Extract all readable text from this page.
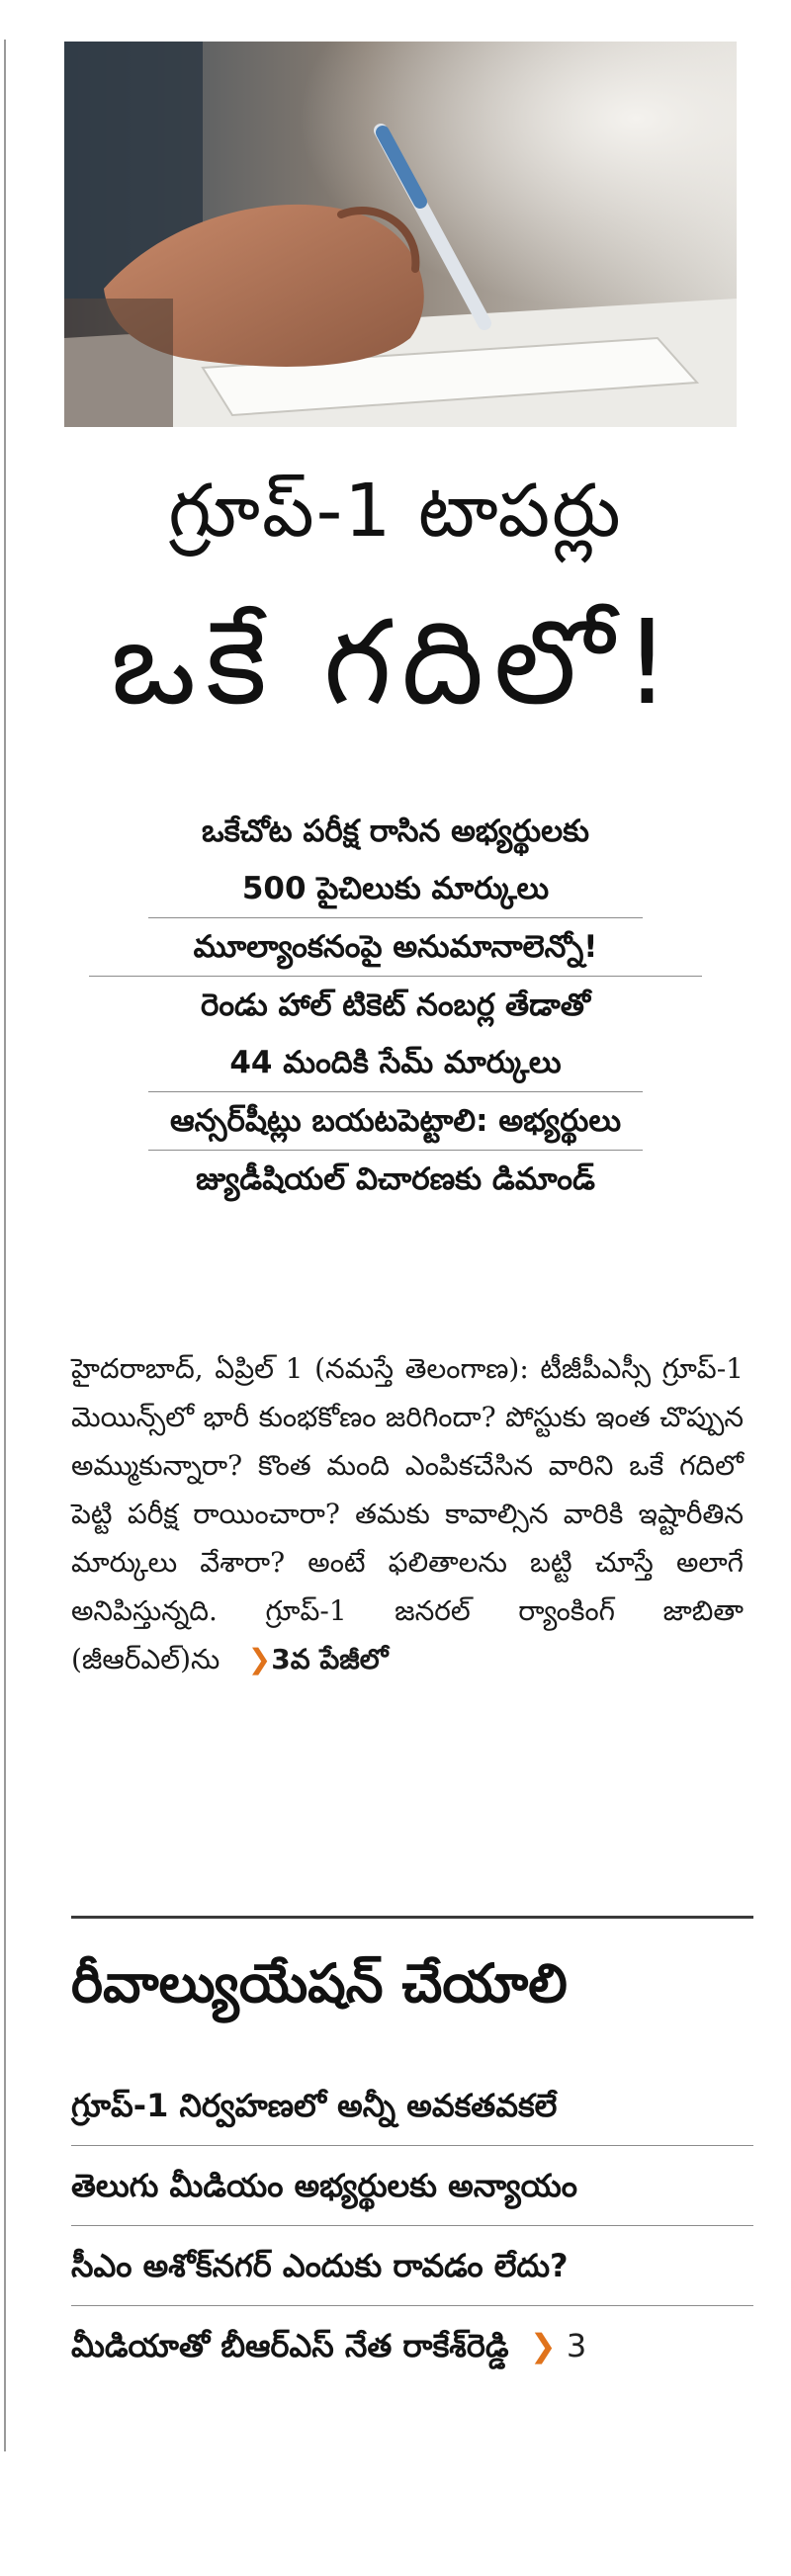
గ్రూప్-1 టాపర్లు
ఒకే గదిలో!
ఒకేచోట పరీక్ష రాసిన అభ్యర్థులకు
500 పైచిలుకు మార్కులు
మూల్యాంకనంపై అనుమానాలెన్నో!
రెండు హాల్ టికెట్ నంబర్ల తేడాతో
44 మందికి సేమ్ మార్కులు
ఆన్సర్‌షీట్లు బయటపెట్టాలి: అభ్యర్థులు
జ్యుడీషియల్ విచారణకు డిమాండ్
హైదరాబాద్, ఏప్రిల్ 1 (నమస్తే తెలంగాణ): టీజీపీఎస్సీ గ్రూప్-1 మెయిన్స్‌లో భారీ కుంభకోణం జరిగిందా? పోస్టుకు ఇంత చొప్పున అమ్ముకున్నారా? కొంత మంది ఎంపికచేసిన వారిని ఒకే గదిలో పెట్టి పరీక్ష రాయించారా? తమకు కావాల్సిన వారికి ఇష్టారీతిన మార్కులు వేశారా? అంటే ఫలితాలను బట్టి చూస్తే అలాగే అనిపిస్తున్నది. గ్రూప్-1 జనరల్ ర్యాంకింగ్ జాబితా (జీఆర్‌ఎల్)ను ❯3వ పేజీలో
రీవాల్యుయేషన్ చేయాలి
గ్రూప్-1 నిర్వహణలో అన్నీ అవకతవకలే
తెలుగు మీడియం అభ్యర్థులకు అన్యాయం
సీఎం అశోక్‌నగర్ ఎందుకు రావడం లేదు?
మీడియాతో బీఆర్‌ఎస్ నేత రాకేశ్‌రెడ్డి ❯ 3
